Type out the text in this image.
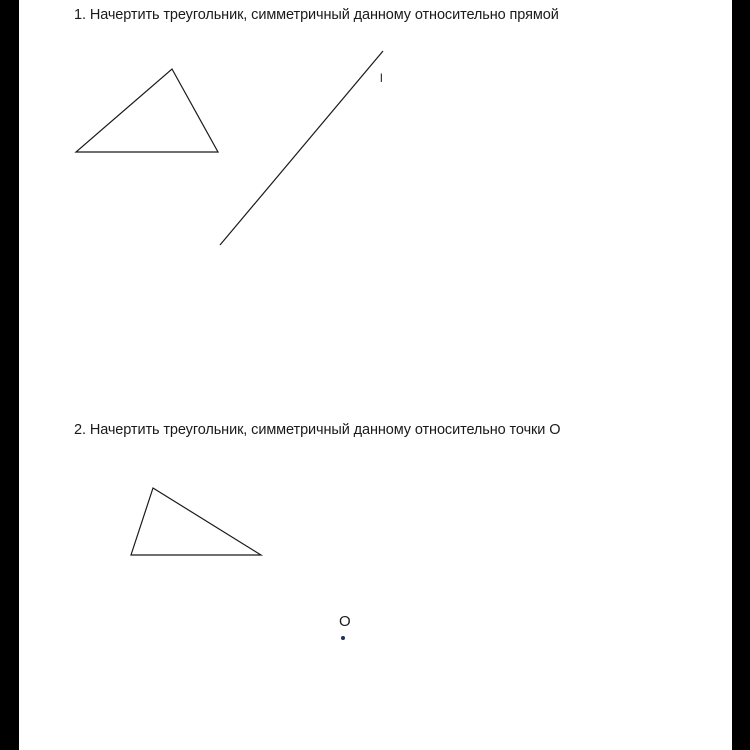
1. Начертить треугольник, симметричный данному относительно прямой
l
2. Начертить треугольник, симметричный данному относительно точки O
O
